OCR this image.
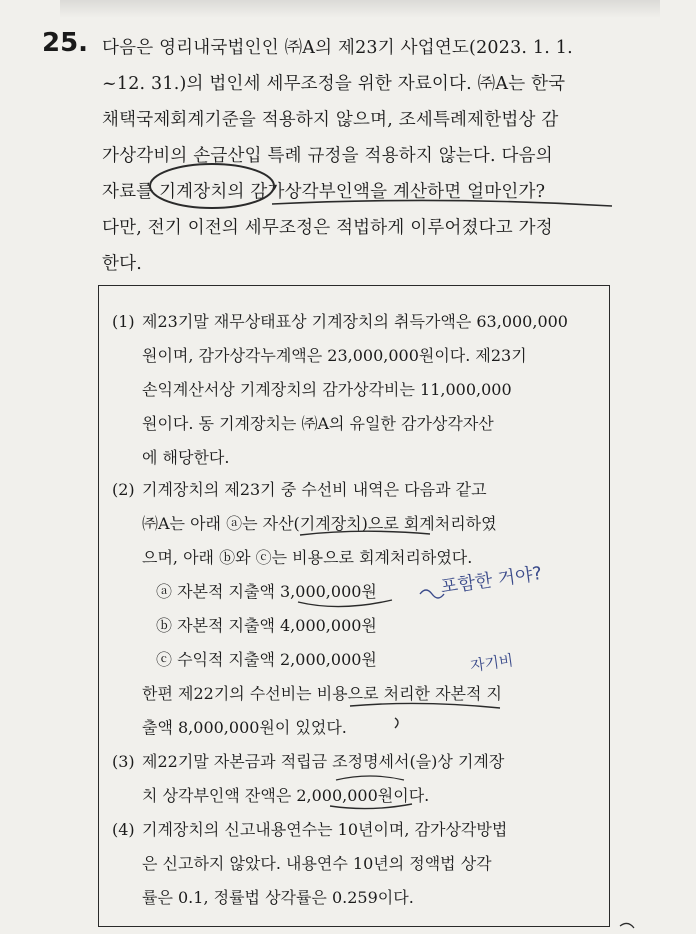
25. 다음은 영리내국법인인 ㈜A의 제23기 사업연도(2023. 1. 1.

~12. 31.)의 법인세 세무조정을 위한 자료이다. ㈜A는 한국

채택국제회계기준을 적용하지 않으며, 조세특례제한법상 감

가상각비의 손금산입 특례 규정을 적용하지 않는다. 다음의

자료를 기계장치의 감가상각부인액을 계산하면 얼마인가?

다만, 전기 이전의 세무조정은 적법하게 이루어졌다고 가정

한다.

(1) 제23기말 재무상태표상 기계장치의 취득가액은 63,000,000

원이며, 감가상각누계액은 23,000,000원이다. 제23기

손익계산서상 기계장치의 감가상각비는 11,000,000

원이다. 동 기계장치는 ㈜A의 유일한 감가상각자산

에 해당한다.

(2) 기계장치의 제23기 중 수선비 내역은 다음과 같고

㈜A는 아래 ⓐ는 자산(기계장치)으로 회계처리하였

으며, 아래 ⓑ와 ⓒ는 비용으로 회계처리하였다.

ⓐ 자본적 지출액 3,000,000원

ⓑ 자본적 지출액 4,000,000원

ⓒ 수익적 지출액 2,000,000원

한편 제22기의 수선비는 비용으로 처리한 자본적 지

출액 8,000,000원이 있었다.

(3) 제22기말 자본금과 적립금 조정명세서(을)상 기계장

치 상각부인액 잔액은 2,000,000원이다.

(4) 기계장치의 신고내용연수는 10년이며, 감가상각방법

은 신고하지 않았다. 내용연수 10년의 정액법 상각

률은 0.1, 정률법 상각률은 0.259이다.

포함한 거야?
자기비
